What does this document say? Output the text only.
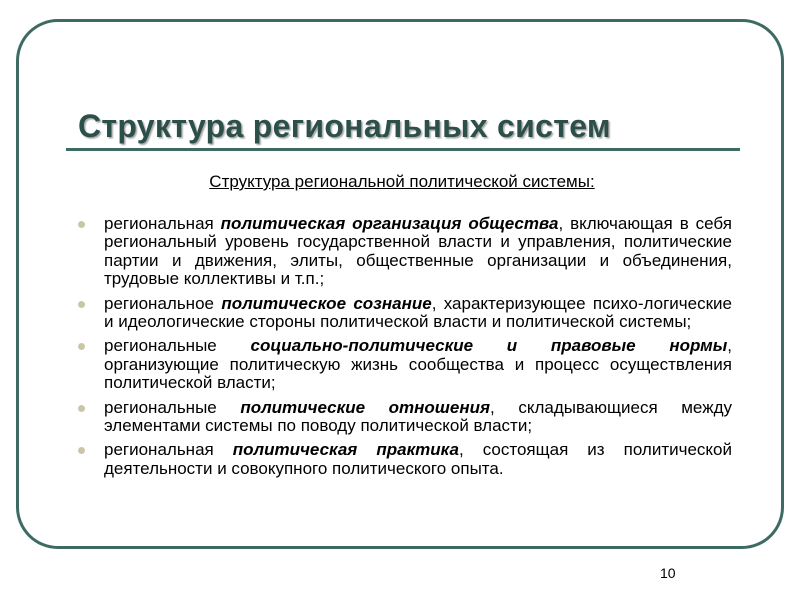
Структура региональных систем

Структура региональной политической системы:

региональная политическая организация общества, включающая в себя региональный уровень государственной власти и управления, политические партии и движения, элиты, общественные организации и объединения, трудовые коллективы и т.п.;
региональное политическое сознание, характеризующее психо-логические и идеологические стороны политической власти и политической системы;
региональные социально-политические и правовые нормы, организующие политическую жизнь сообщества и процесс осуществления политической власти;
региональные политические отношения, складывающиеся между элементами системы по поводу политической власти;
региональная политическая практика, состоящая из политической деятельности и совокупного политического опыта.
10
